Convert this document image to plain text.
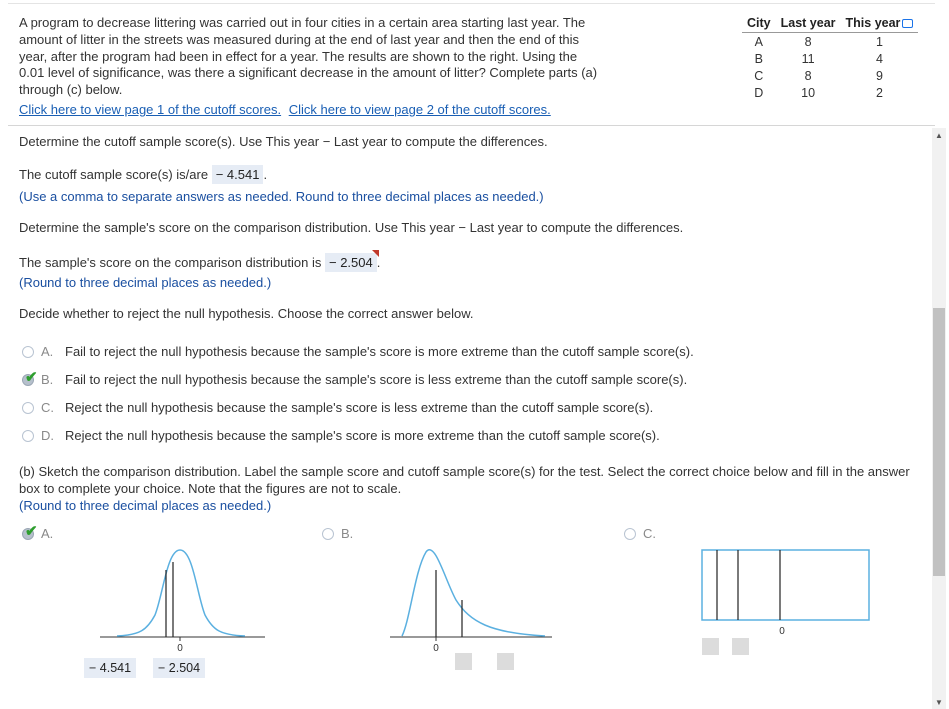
A program to decrease littering was carried out in four cities in a certain area starting last year. The amount of litter in the streets was measured during at the end of last year and then the end of this year, after the program had been in effect for a year. The results are shown to the right. Using the 0.01 level of significance, was there a significant decrease in the amount of litter? Complete parts (a) through (c) below.
Click here to view page 1 of the cutoff scores. Click here to view page 2 of the cutoff scores.
City	Last year	This year
A	8	1
B	11	4
C	8	9
D	10	2
▲
▼
Determine the cutoff sample score(s). Use This year − Last year to compute the differences.
The cutoff sample score(s) is/are − 4.541 .
(Use a comma to separate answers as needed. Round to three decimal places as needed.)
Determine the sample's score on the comparison distribution. Use This year − Last year to compute the differences.
The sample's score on the comparison distribution is − 2.504 .
(Round to three decimal places as needed.)
Decide whether to reject the null hypothesis. Choose the correct answer below.
A. Fail to reject the null hypothesis because the sample's score is more extreme than the cutoff sample score(s).
✔ B. Fail to reject the null hypothesis because the sample's score is less extreme than the cutoff sample score(s).
C. Reject the null hypothesis because the sample's score is less extreme than the cutoff sample score(s).
D. Reject the null hypothesis because the sample's score is more extreme than the cutoff sample score(s).
(b) Sketch the comparison distribution. Label the sample score and cutoff sample score(s) for the test. Select the correct choice below and fill in the answer box to complete your choice. Note that the figures are not to scale.
(Round to three decimal places as needed.)
✔ A.	B.	C.
0
− 4.541	− 2.504
0
0
